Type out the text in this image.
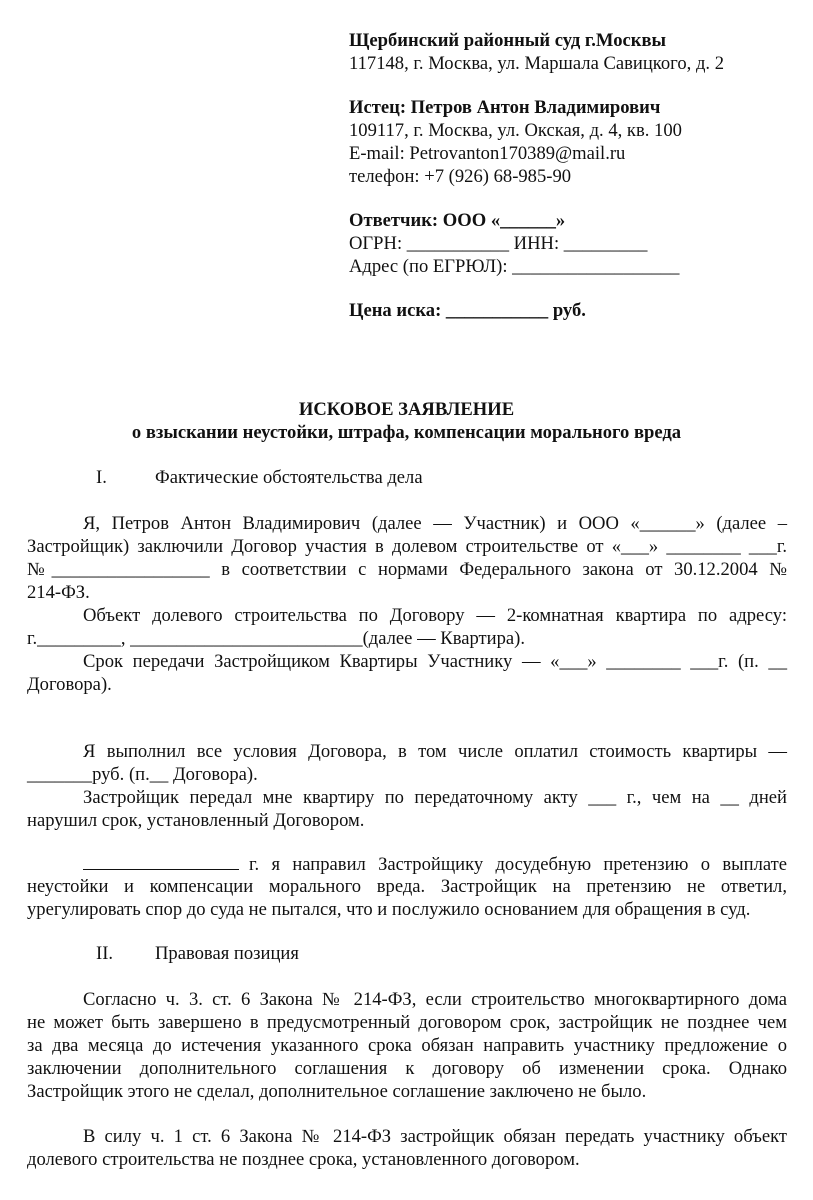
Щербинский районный суд г.Москвы
117148, г. Москва, ул. Маршала Савицкого, д. 2
Истец: Петров Антон Владимирович
109117, г. Москва, ул. Окская, д. 4, кв. 100
E-mail: Petrovanton170389@mail.ru
телефон: +7 (926) 68-985-90
Ответчик: ООО «______»
ОГРН: ___________ ИНН: _________
Адрес (по ЕГРЮЛ): __________________
Цена иска: ___________ руб.
ИСКОВОЕ ЗАЯВЛЕНИЕ
о взыскании неустойки, штрафа, компенсации морального вреда
I.	Фактические обстоятельства дела
Я, Петров Антон Владимирович (далее — Участник) и ООО «______» (далее –
Застройщик) заключили Договор участия в долевом строительстве от «___» ________ ___г.
№_________________ в соответствии с нормами Федерального закона от 30.12.2004 №
214-ФЗ.
Объект долевого строительства по Договору — 2-комнатная квартира по адресу:
г._________, _________________________(далее — Квартира).
Срок передачи Застройщиком Квартиры Участнику — «___» ________ ___г. (п. __
Договора).
Я выполнил все условия Договора, в том числе оплатил стоимость квартиры —
_______руб. (п.__ Договора).
Застройщик передал мне квартиру по передаточному акту ___ г., чем на __ дней
нарушил срок, установленный Договором.
г. я направил Застройщику досудебную претензию о выплате
неустойки и компенсации морального вреда. Застройщик на претензию не ответил,
урегулировать спор до суда не пытался, что и послужило основанием для обращения в суд.
II. Правовая позиция
Согласно ч. 3. ст. 6 Закона № 214-ФЗ, если строительство многоквартирного дома
не может быть завершено в предусмотренный договором срок, застройщик не позднее чем
за два месяца до истечения указанного срока обязан направить участнику предложение о
заключении дополнительного соглашения к договору об изменении срока. Однако
Застройщик этого не сделал, дополнительное соглашение заключено не было.
В силу ч. 1 ст. 6 Закона № 214-ФЗ застройщик обязан передать участнику объект
долевого строительства не позднее срока, установленного договором.
